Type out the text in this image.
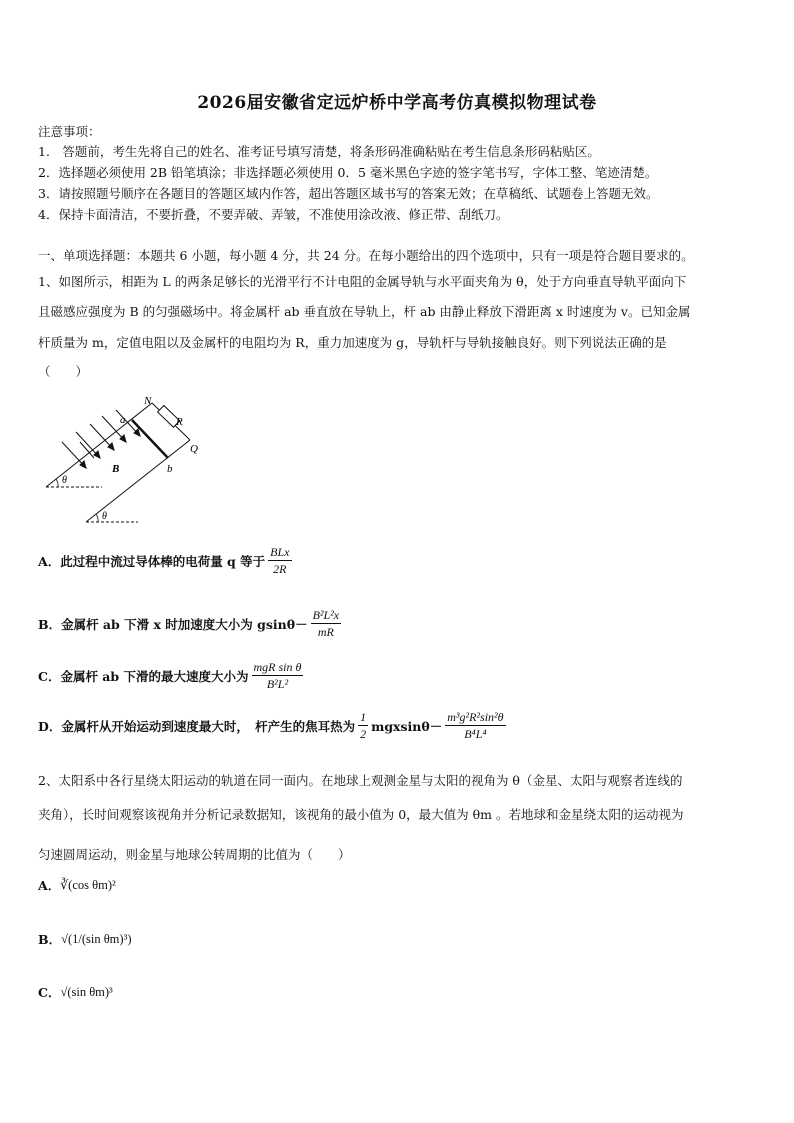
2026届安徽省定远炉桥中学高考仿真模拟物理试卷
注意事项：
1.　答题前，考生先将自己的姓名、准考证号填写清楚，将条形码准确粘贴在考生信息条形码粘贴区。
2．选择题必须使用 2B 铅笔填涂；非选择题必须使用 0．5 毫米黑色字迹的签字笔书写，字体工整、笔迹清楚。
3．请按照题号顺序在各题目的答题区域内作答，超出答题区域书写的答案无效；在草稿纸、试题卷上答题无效。
4．保持卡面清洁，不要折叠，不要弄破、弄皱，不准使用涂改液、修正带、刮纸刀。
一、单项选择题：本题共 6 小题，每小题 4 分，共 24 分。在每小题给出的四个选项中，只有一项是符合题目要求的。
1、如图所示，相距为 L 的两条足够长的光滑平行不计电阻的金属导轨与水平面夹角为 θ，处于方向垂直导轨平面向下
且磁感应强度为 B 的匀强磁场中。将金属杆 ab 垂直放在导轨上，杆 ab 由静止释放下滑距离 x 时速度为 v。已知金属
杆质量为 m，定值电阻以及金属杆的电阻均为 R，重力加速度为 g，导轨杆与导轨接触良好。则下列说法正确的是
（　　）
N
a	R
Q
b
B
θ
θ
A．此过程中流过导体棒的电荷量 q 等于 $\frac{\text{BLx}}{2R}$
B．金属杆 ab 下滑 x 时加速度大小为 $gsin\theta- \frac{\text{B²L²x}}{mR}$
C．金属杆 ab 下滑的最大速度大小为 $\frac{\text{mgR sin θ}}{\text{B²L²}}$
D．金属杆从开始运动到速度最大时，　杆产生的焦耳热为 $\frac{1}{2} mgxsin\theta- \frac{\text{m³g²R²sin²θ}}{\text{B⁴L⁴}}$
2、太阳系中各行星绕太阳运动的轨道在同一面内。在地球上观测金星与太阳的视角为 θ（金星、太阳与观察者连线的
夹角），长时间观察该视角并分析记录数据知，该视角的最小值为 0，最大值为 θm 。若地球和金星绕太阳的运动视为
匀速圆周运动，则金星与地球公转周期的比值为（　　）
A． ∛(cos θm)²
B． √(1/(sin θm)³)
C． √(sin θm)³
